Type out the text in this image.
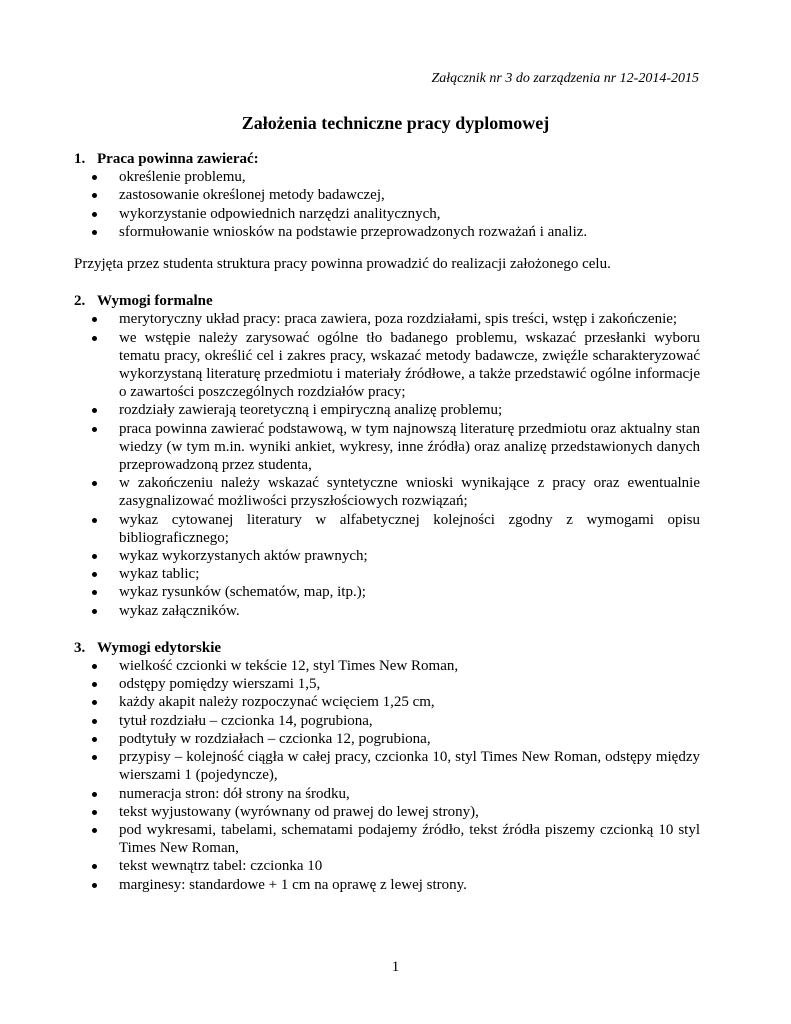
Załącznik nr 3 do zarządzenia nr 12-2014-2015
Założenia techniczne pracy dyplomowej

1. Praca powinna zawierać:

określenie problemu,
zastosowanie określonej metody badawczej,
wykorzystanie odpowiednich narzędzi analitycznych,
sformułowanie wniosków na podstawie przeprowadzonych rozważań i analiz.

Przyjęta przez studenta struktura pracy powinna prowadzić do realizacji założonego celu.

2. Wymogi formalne

merytoryczny układ pracy: praca zawiera, poza rozdziałami, spis treści, wstęp i zakończenie;
we wstępie należy zarysować ogólne tło badanego problemu, wskazać przesłanki wyboru tematu pracy, określić cel i zakres pracy, wskazać metody badawcze, zwięźle scharakteryzować wykorzystaną literaturę przedmiotu i materiały źródłowe, a także przedstawić ogólne informacje o zawartości poszczególnych rozdziałów pracy;
rozdziały zawierają teoretyczną i empiryczną analizę problemu;
praca powinna zawierać podstawową, w tym najnowszą literaturę przedmiotu oraz aktualny stan wiedzy (w tym m.in. wyniki ankiet, wykresy, inne źródła) oraz analizę przedstawionych danych przeprowadzoną przez studenta,
w zakończeniu należy wskazać syntetyczne wnioski wynikające z pracy oraz ewentualnie zasygnalizować możliwości przyszłościowych rozwiązań;
wykaz cytowanej literatury w alfabetycznej kolejności zgodny z wymogami opisu bibliograficznego;
wykaz wykorzystanych aktów prawnych;
wykaz tablic;
wykaz rysunków (schematów, map, itp.);
wykaz załączników.

3. Wymogi edytorskie

wielkość czcionki w tekście 12, styl Times New Roman,
odstępy pomiędzy wierszami 1,5,
każdy akapit należy rozpoczynać wcięciem 1,25 cm,
tytuł rozdziału – czcionka 14, pogrubiona,
podtytuły w rozdziałach – czcionka 12, pogrubiona,
przypisy – kolejność ciągła w całej pracy, czcionka 10, styl Times New Roman, odstępy między wierszami 1 (pojedyncze),
numeracja stron: dół strony na środku,
tekst wyjustowany (wyrównany od prawej do lewej strony),
pod wykresami, tabelami, schematami podajemy źródło, tekst źródła piszemy czcionką 10 styl Times New Roman,
tekst wewnątrz tabel: czcionka 10
marginesy: standardowe + 1 cm na oprawę z lewej strony.
1
